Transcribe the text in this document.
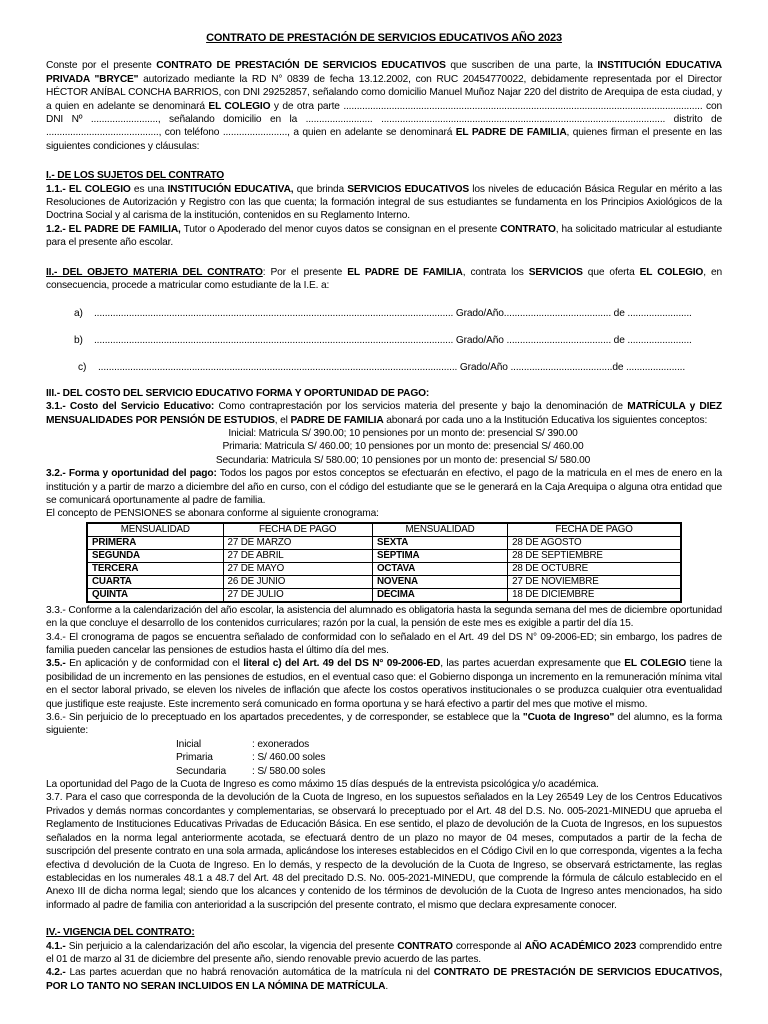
CONTRATO DE PRESTACIÓN DE SERVICIOS EDUCATIVOS AÑO 2023

Conste por el presente CONTRATO DE PRESTACIÓN DE SERVICIOS EDUCATIVOS que suscriben de una parte, la INSTITUCIÓN EDUCATIVA PRIVADA "BRYCE" autorizado mediante la RD N° 0839 de fecha 13.12.2002, con RUC 20454770022, debidamente representada por el Director HÉCTOR ANÍBAL CONCHA BARRIOS, con DNI 29252857, señalando como domicilio Manuel Muñoz Najar 220 del distrito de Arequipa de esta ciudad, y a quien en adelante se denominará EL COLEGIO y de otra parte ...................................................................................................................................... con DNI Nº ........................., señalando domicilio en la ......................... .......................................................................................................... distrito de .........................................., con teléfono ........................, a quien en adelante se denominará EL PADRE DE FAMILIA, quienes firman el presente en las siguientes condiciones y cláusulas:

I.- DE LOS SUJETOS DEL CONTRATO

1.1.- EL COLEGIO es una INSTITUCIÓN EDUCATIVA, que brinda SERVICIOS EDUCATIVOS los niveles de educación Básica Regular en mérito a las Resoluciones de Autorización y Registro con las que cuenta; la formación integral de sus estudiantes se fundamenta en los Principios Axiológicos de la Doctrina Social y al carisma de la institución, contenidos en su Reglamento Interno.

1.2.- EL PADRE DE FAMILIA, Tutor o Apoderado del menor cuyos datos se consignan en el presente CONTRATO, ha solicitado matricular al estudiante para el presente año escolar.

II.- DEL OBJETO MATERIA DEL CONTRATO: Por el presente EL PADRE DE FAMILIA, contrata los SERVICIOS que oferta EL COLEGIO, en consecuencia, procede a matricular como estudiante de la I.E. a:

a)	...................................................................................................................................... Grado/Año........................................ de ........................
b)	...................................................................................................................................... Grado/Año ....................................... de ........................
c)	...................................................................................................................................... Grado/Año ......................................de ......................

III.- DEL COSTO DEL SERVICIO EDUCATIVO FORMA Y OPORTUNIDAD DE PAGO:

3.1.- Costo del Servicio Educativo: Como contraprestación por los servicios materia del presente y bajo la denominación de MATRÍCULA y DIEZ MENSUALIDADES POR PENSIÓN DE ESTUDIOS, el PADRE DE FAMILIA abonará por cada uno a la Institución Educativa los siguientes conceptos:

Inicial: Matricula S/ 390.00; 10 pensiones por un monto de: presencial S/ 390.00

Primaria: Matricula S/ 460.00; 10 pensiones por un monto de: presencial S/ 460.00

Secundaria: Matricula S/ 580.00; 10 pensiones por un monto de: presencial S/ 580.00

3.2.- Forma y oportunidad del pago: Todos los pagos por estos conceptos se efectuarán en efectivo, el pago de la matricula en el mes de enero en la institución y a partir de marzo a diciembre del año en curso, con el código del estudiante que se le generará en la Caja Arequipa o alguna otra entidad que se comunicará oportunamente al padre de familia.

El concepto de PENSIONES se abonara conforme al siguiente cronograma:

MENSUALIDAD	FECHA DE PAGO	MENSUALIDAD	FECHA DE PAGO
PRIMERA	27 DE MARZO	SEXTA	28 DE AGOSTO
SEGUNDA	27 DE ABRIL	SÉPTIMA	28 DE SEPTIEMBRE
TERCERA	27 DE MAYO	OCTAVA	28 DE OCTUBRE
CUARTA	26 DE JUNIO	NOVENA	27 DE NOVIEMBRE
QUINTA	27 DE JULIO	DÉCIMA	18 DE DICIEMBRE

3.3.- Conforme a la calendarización del año escolar, la asistencia del alumnado es obligatoria hasta la segunda semana del mes de diciembre oportunidad en la que concluye el desarrollo de los contenidos curriculares; razón por la cual, la pensión de este mes es exigible a partir del día 15.

3.4.- El cronograma de pagos se encuentra señalado de conformidad con lo señalado en el Art. 49 del DS N° 09-2006-ED; sin embargo, los padres de familia pueden cancelar las pensiones de estudios hasta el último día del mes.

3.5.- En aplicación y de conformidad con el literal c) del Art. 49 del DS N° 09-2006-ED, las partes acuerdan expresamente que EL COLEGIO tiene la posibilidad de un incremento en las pensiones de estudios, en el eventual caso que: el Gobierno disponga un incremento en la remuneración mínima vital en el sector laboral privado, se eleven los niveles de inflación que afecte los costos operativos institucionales o se produzca cualquier otra eventualidad que justifique este reajuste. Este incremento será comunicado en forma oportuna y se hará efectivo a partir del mes que motive el mismo.

3.6.- Sin perjuicio de lo preceptuado en los apartados precedentes, y de corresponder, se establece que la "Cuota de Ingreso" del alumno, es la forma siguiente:

Inicial	: exonerados
Primaria	: S/ 460.00 soles
Secundaria	: S/ 580.00 soles

La oportunidad del Pago de la Cuota de Ingreso es como máximo 15 días después de la entrevista psicológica y/o académica.

3.7. Para el caso que corresponda de la devolución de la Cuota de Ingreso, en los supuestos señalados en la Ley 26549 Ley de los Centros Educativos Privados y demás normas concordantes y complementarias, se observará lo preceptuado por el Art. 48 del D.S. No. 005-2021-MINEDU que aprueba el Reglamento de Instituciones Educativas Privadas de Educación Básica. En ese sentido, el plazo de devolución de la Cuota de Ingresos, en los supuestos señalados en la norma legal anteriormente acotada, se efectuará dentro de un plazo no mayor de 04 meses, computados a partir de la fecha de suscripción del presente contrato en una sola armada, aplicándose los intereses establecidos en el Código Civil en lo que corresponda, vigentes a la fecha efectiva d devolución de la Cuota de Ingreso. En lo demás, y respecto de la devolución de la Cuota de Ingreso, se observará estrictamente, las reglas establecidas en los numerales 48.1 a 48.7 del Art. 48 del precitado D.S. No. 005-2021-MINEDU, que comprende la fórmula de cálculo establecido en el Anexo III de dicha norma legal; siendo que los alcances y contenido de los términos de devolución de la Cuota de Ingreso antes mencionados, ha sido informado al padre de familia con anterioridad a la suscripción del presente contrato, el mismo que declara expresamente conocer.

IV.- VIGENCIA DEL CONTRATO:

4.1.- Sin perjuicio a la calendarización del año escolar, la vigencia del presente CONTRATO corresponde al AÑO ACADÉMICO 2023 comprendido entre el 01 de marzo al 31 de diciembre del presente año, siendo renovable previo acuerdo de las partes.

4.2.- Las partes acuerdan que no habrá renovación automática de la matrícula ni del CONTRATO DE PRESTACIÓN DE SERVICIOS EDUCATIVOS, POR LO TANTO NO SERAN INCLUIDOS EN LA NÓMINA DE MATRÍCULA.
